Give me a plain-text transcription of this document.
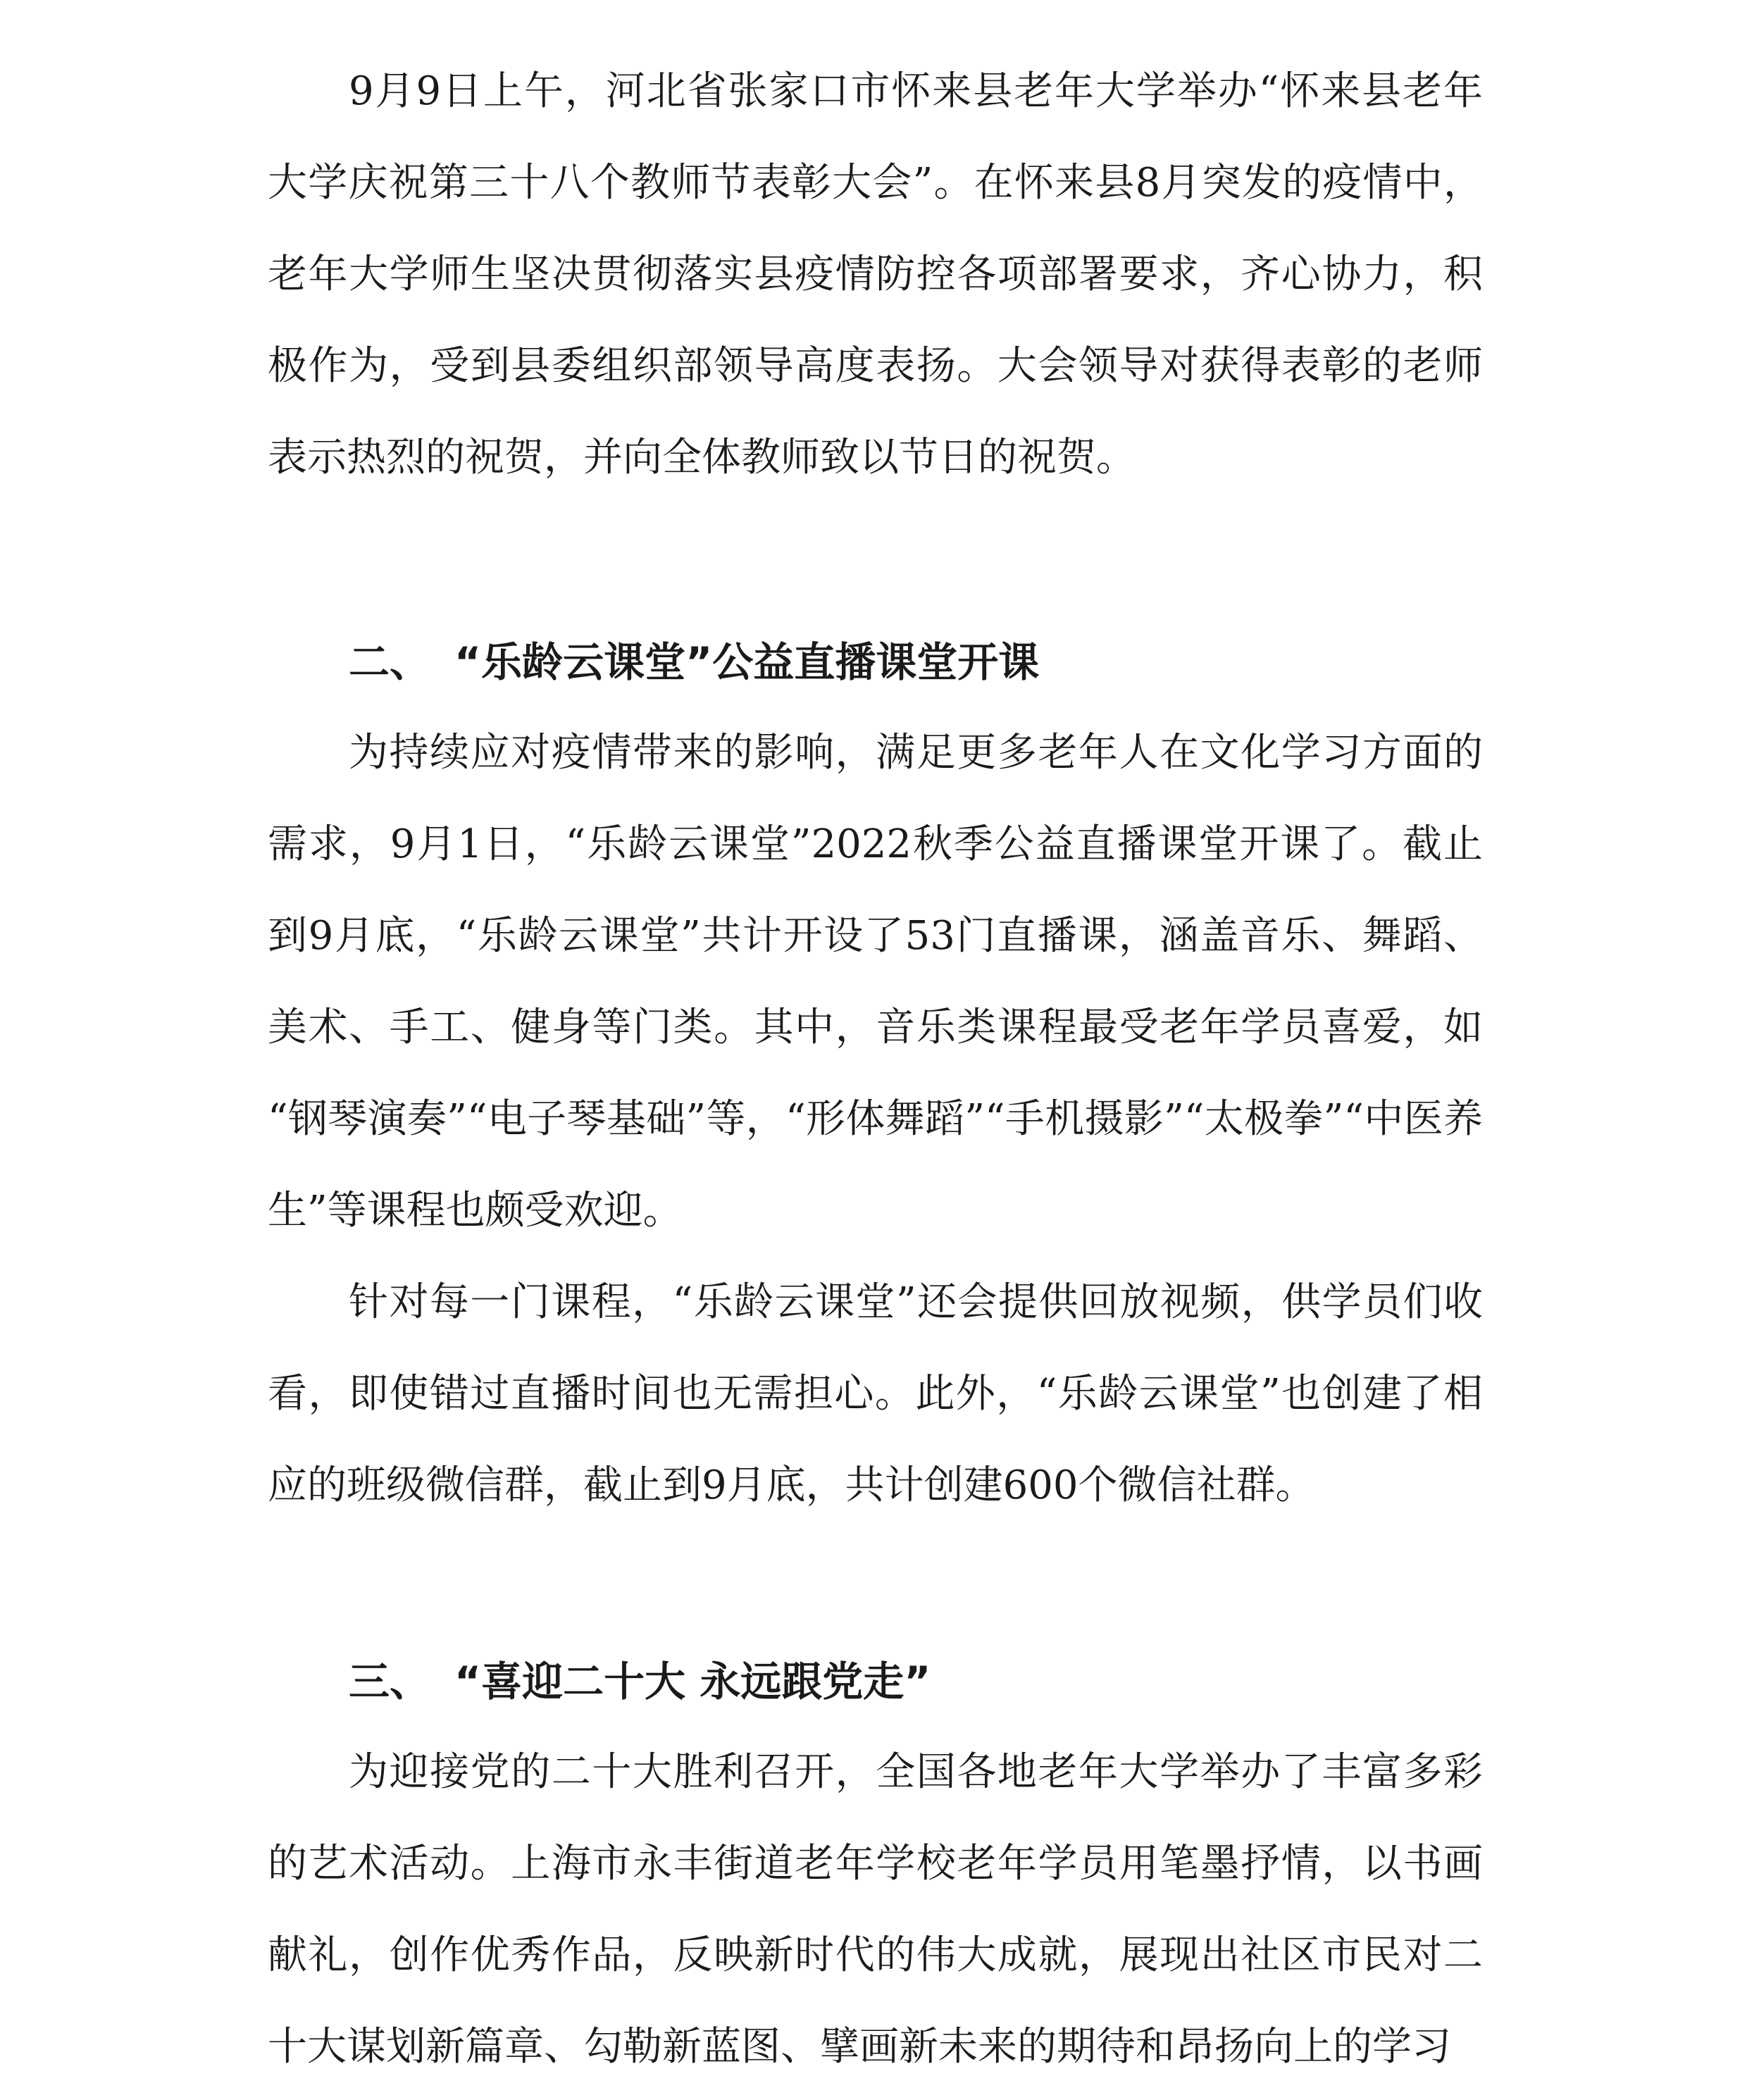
9月9日上午，河北省张家口市怀来县老年大学举办“怀来县老年大学庆祝第三十八个教师节表彰大会”。在怀来县8月突发的疫情中，老年大学师生坚决贯彻落实县疫情防控各项部署要求，齐心协力，积极作为，受到县委组织部领导高度表扬。大会领导对获得表彰的老师表示热烈的祝贺，并向全体教师致以节日的祝贺。

二、 “乐龄云课堂”公益直播课堂开课

为持续应对疫情带来的影响，满足更多老年人在文化学习方面的需求，9月1日，“乐龄云课堂”2022秋季公益直播课堂开课了。截止到9月底，“乐龄云课堂”共计开设了53门直播课，涵盖音乐、舞蹈、美术、手工、健身等门类。其中，音乐类课程最受老年学员喜爱，如 “钢琴演奏”“电子琴基础”等，“形体舞蹈”“手机摄影”“太极拳”“中医养生”等课程也颇受欢迎。

针对每一门课程，“乐龄云课堂”还会提供回放视频，供学员们收看，即使错过直播时间也无需担心。此外，“乐龄云课堂”也创建了相应的班级微信群，截止到9月底，共计创建600个微信社群。

三、 “喜迎二十大 永远跟党走”

为迎接党的二十大胜利召开，全国各地老年大学举办了丰富多彩的艺术活动。上海市永丰街道老年学校老年学员用笔墨抒情，以书画献礼，创作优秀作品，反映新时代的伟大成就，展现出社区市民对二十大谋划新篇章、勾勒新蓝图、擘画新未来的期待和昂扬向上的学习
